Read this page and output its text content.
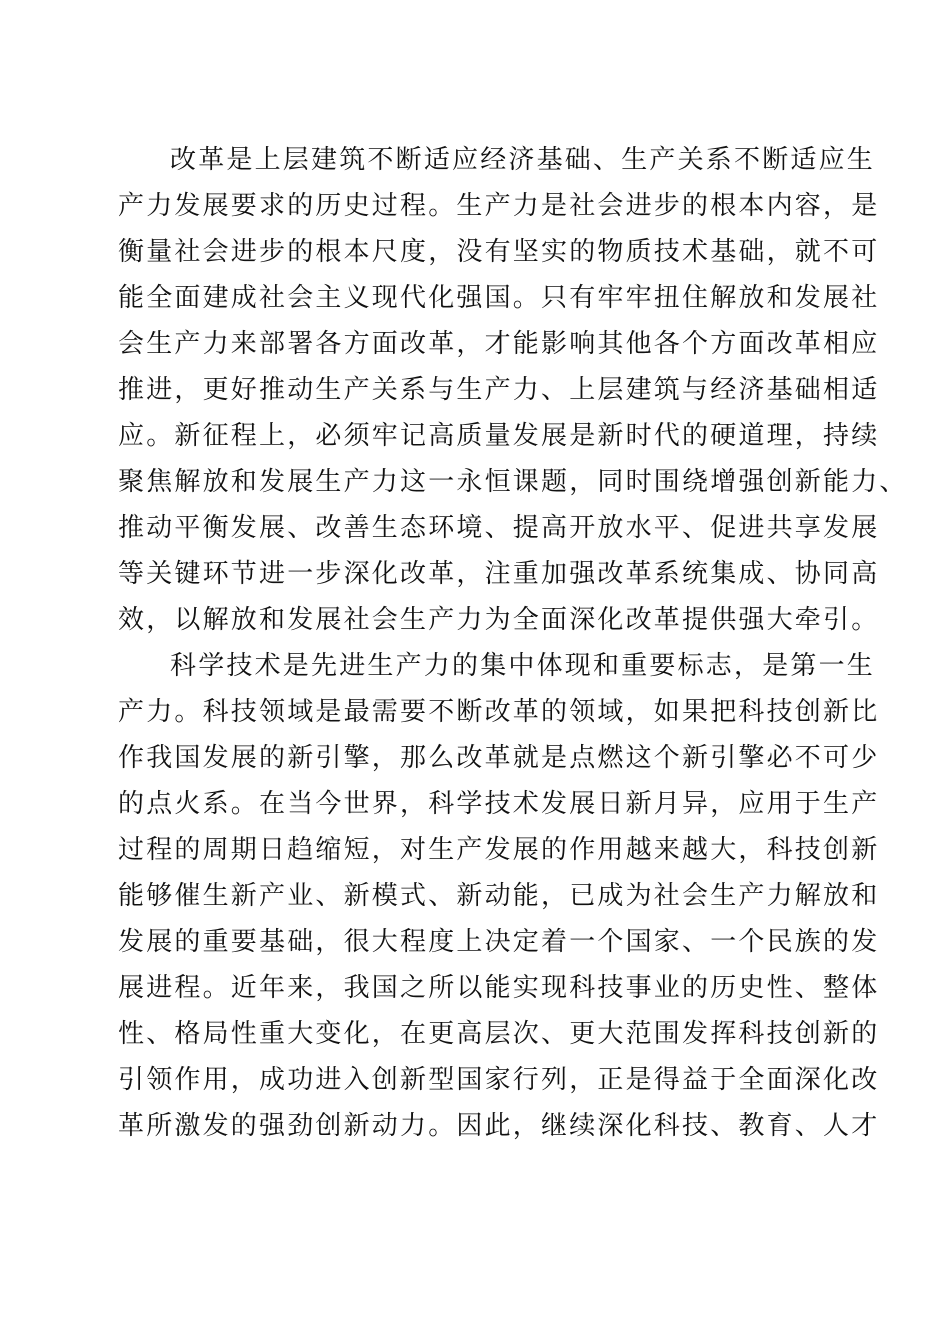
改革是上层建筑不断适应经济基础、生产关系不断适应生
产力发展要求的历史过程。生产力是社会进步的根本内容，是
衡量社会进步的根本尺度，没有坚实的物质技术基础，就不可
能全面建成社会主义现代化强国。只有牢牢扭住解放和发展社
会生产力来部署各方面改革，才能影响其他各个方面改革相应
推进，更好推动生产关系与生产力、上层建筑与经济基础相适
应。新征程上，必须牢记高质量发展是新时代的硬道理，持续
聚焦解放和发展生产力这一永恒课题，同时围绕增强创新能力、
推动平衡发展、改善生态环境、提高开放水平、促进共享发展
等关键环节进一步深化改革，注重加强改革系统集成、协同高
效，以解放和发展社会生产力为全面深化改革提供强大牵引。
科学技术是先进生产力的集中体现和重要标志，是第一生
产力。科技领域是最需要不断改革的领域，如果把科技创新比
作我国发展的新引擎，那么改革就是点燃这个新引擎必不可少
的点火系。在当今世界，科学技术发展日新月异，应用于生产
过程的周期日趋缩短，对生产发展的作用越来越大，科技创新
能够催生新产业、新模式、新动能，已成为社会生产力解放和
发展的重要基础，很大程度上决定着一个国家、一个民族的发
展进程。近年来，我国之所以能实现科技事业的历史性、整体
性、格局性重大变化，在更高层次、更大范围发挥科技创新的
引领作用，成功进入创新型国家行列，正是得益于全面深化改
革所激发的强劲创新动力。因此，继续深化科技、教育、人才
